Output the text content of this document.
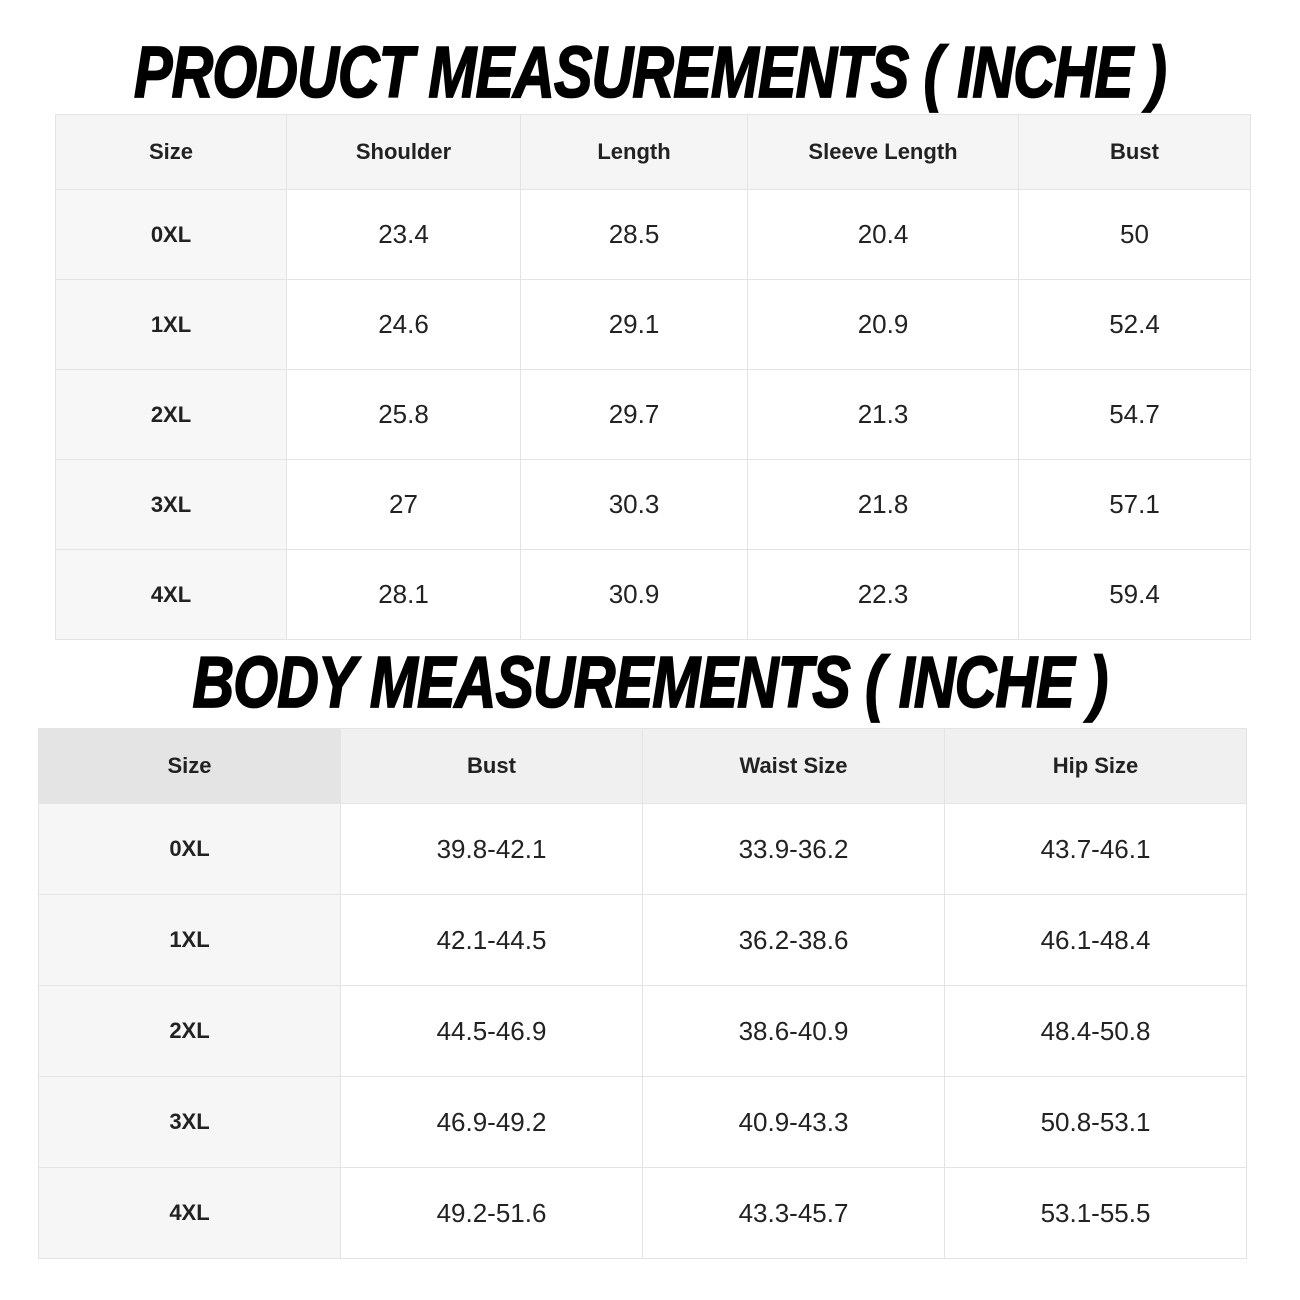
PRODUCT MEASUREMENTS ( INCHE )
Size	Shoulder	Length	Sleeve Length	Bust
0XL	23.4	28.5	20.4	50
1XL	24.6	29.1	20.9	52.4
2XL	25.8	29.7	21.3	54.7
3XL	27	30.3	21.8	57.1
4XL	28.1	30.9	22.3	59.4
BODY MEASUREMENTS ( INCHE )
Size	Bust	Waist Size	Hip Size
0XL	39.8-42.1	33.9-36.2	43.7-46.1
1XL	42.1-44.5	36.2-38.6	46.1-48.4
2XL	44.5-46.9	38.6-40.9	48.4-50.8
3XL	46.9-49.2	40.9-43.3	50.8-53.1
4XL	49.2-51.6	43.3-45.7	53.1-55.5
